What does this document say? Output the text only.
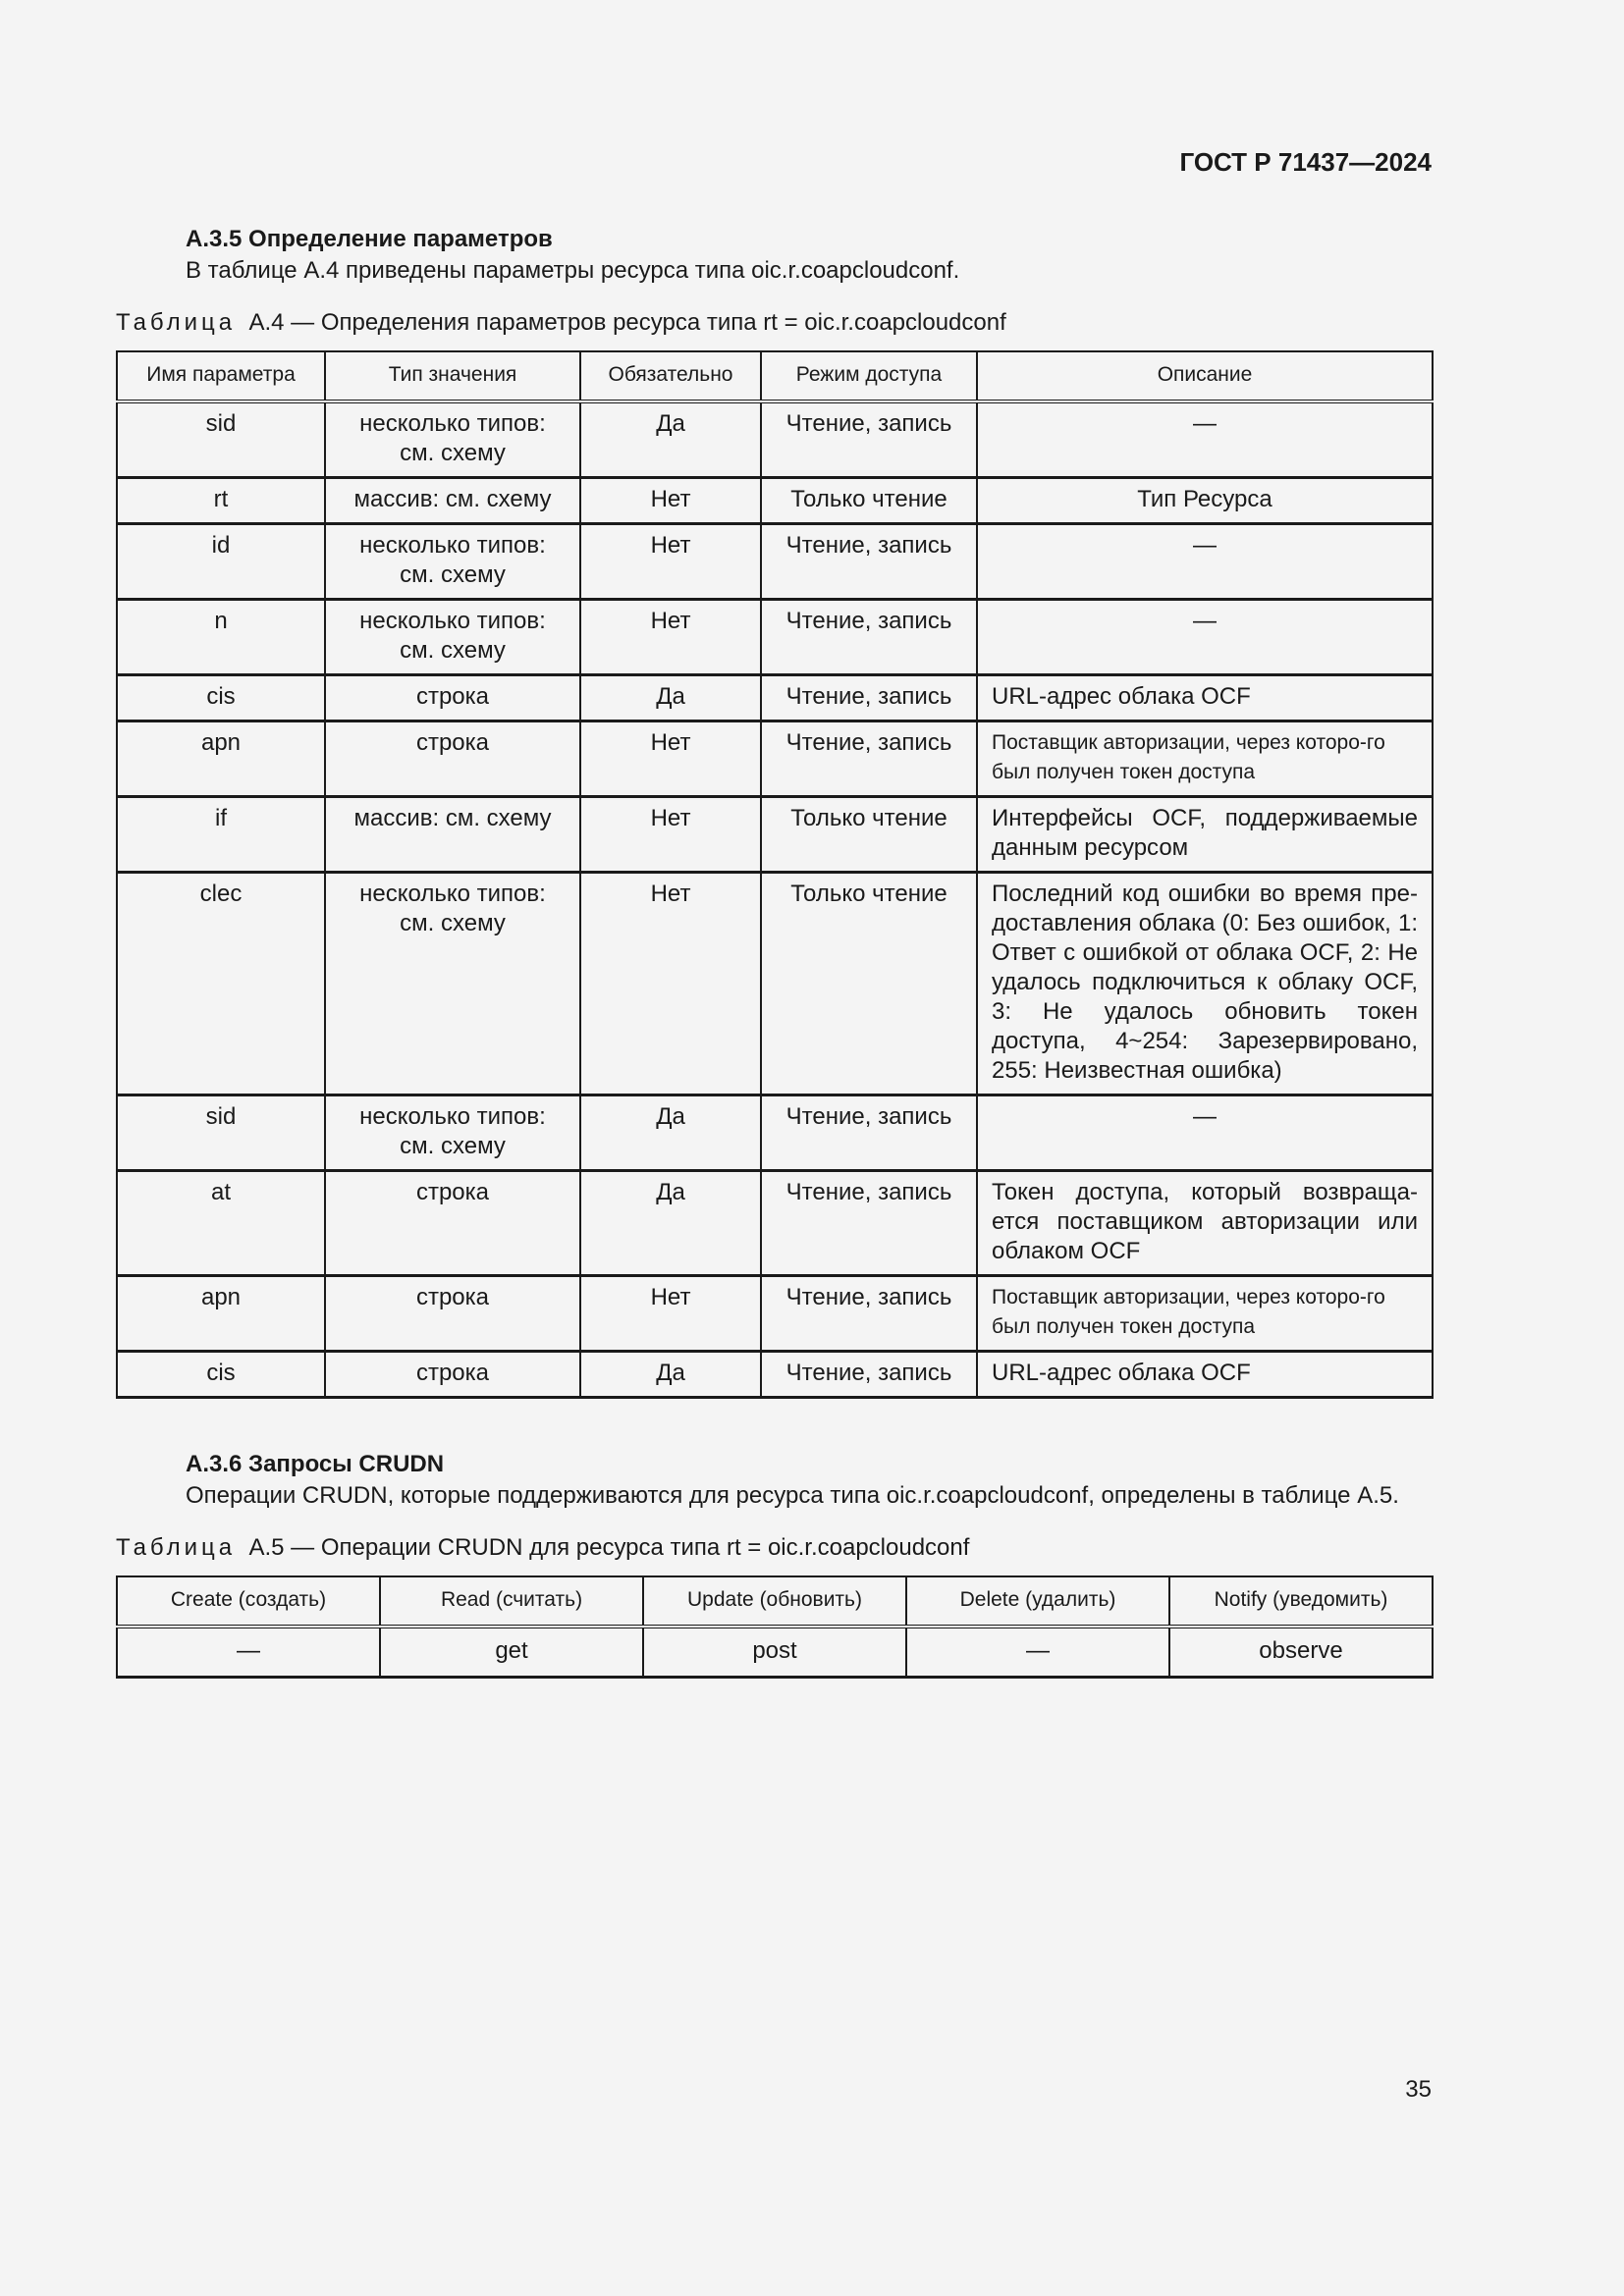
ГОСТ Р 71437—2024
A.3.5 Определение параметров
В таблице A.4 приведены параметры ресурса типа oic.r.coapcloudconf.
Таблица A.4 — Определения параметров ресурса типа rt = oic.r.coapcloudconf
Имя параметра	Тип значения	Обязательно	Режим доступа	Описание
sid	несколько типов: см. схему	Да	Чтение, запись	—
rt	массив: см. схему	Нет	Только чтение	Тип Ресурса
id	несколько типов: см. схему	Нет	Чтение, запись	—
n	несколько типов: см. схему	Нет	Чтение, запись	—
cis	строка	Да	Чтение, запись	URL-адрес облака OCF
apn	строка	Нет	Чтение, запись	Поставщик авторизации, через которо-го был получен токен доступа
if	массив: см. схему	Нет	Только чтение	Интерфейсы OCF, поддерживаемые данным ресурсом
clec	несколько типов: см. схему	Нет	Только чтение	Последний код ошибки во время пре-доставления облака (0: Без ошибок, 1: Ответ с ошибкой от облака OCF, 2: Не удалось подключиться к облаку OCF, 3: Не удалось обновить токен доступа, 4~254: Зарезервировано, 255: Неизвестная ошибка)
sid	несколько типов: см. схему	Да	Чтение, запись	—
at	строка	Да	Чтение, запись	Токен доступа, который возвраща-ется поставщиком авторизации или облаком OCF
apn	строка	Нет	Чтение, запись	Поставщик авторизации, через которо-го был получен токен доступа
cis	строка	Да	Чтение, запись	URL-адрес облака OCF
A.3.6 Запросы CRUDN
Операции CRUDN, которые поддерживаются для ресурса типа oic.r.coapcloudconf, определены в таблице A.5.
Таблица A.5 — Операции CRUDN для ресурса типа rt = oic.r.coapcloudconf
Create (создать)	Read (считать)	Update (обновить)	Delete (удалить)	Notify (уведомить)
—	get	post	—	observe
35
